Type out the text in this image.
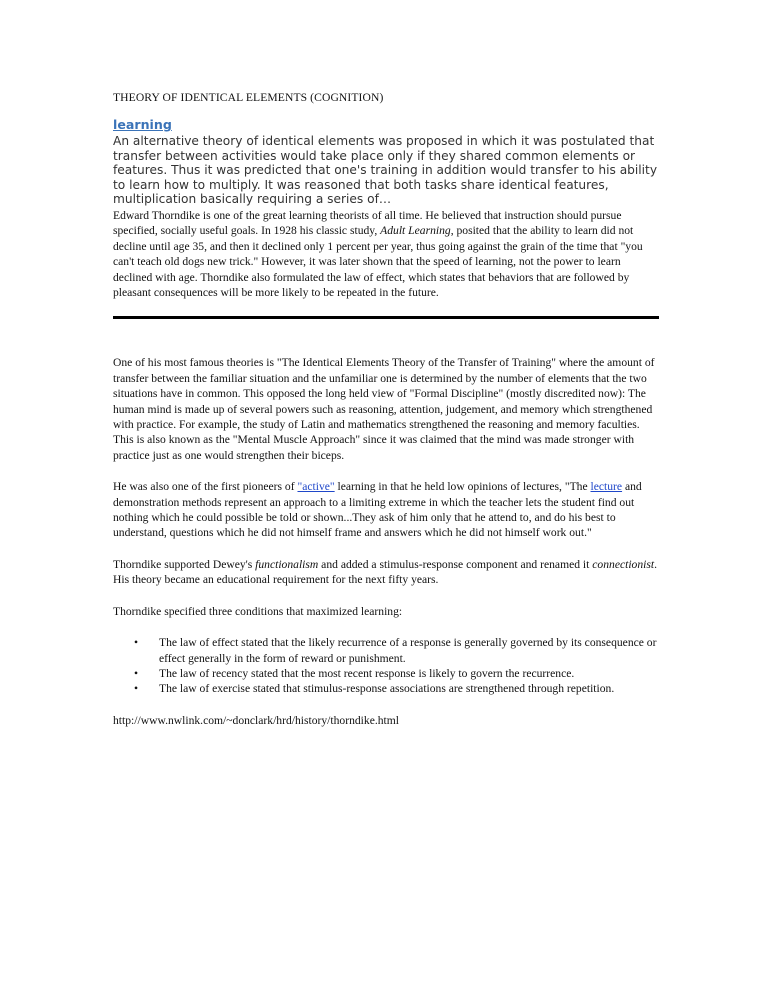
THEORY OF IDENTICAL ELEMENTS (COGNITION)
learning
An alternative theory of identical elements was proposed in which it was postulated that transfer between activities would take place only if they shared common elements or features. Thus it was predicted that one's training in addition would transfer to his ability to learn how to multiply. It was reasoned that both tasks share identical features, multiplication basically requiring a series of…

Edward Thorndike is one of the great learning theorists of all time. He believed that instruction should pursue specified, socially useful goals. In 1928 his classic study, Adult Learning, posited that the ability to learn did not decline until age 35, and then it declined only 1 percent per year, thus going against the grain of the time that "you can't teach old dogs new trick." However, it was later shown that the speed of learning, not the power to learn declined with age. Thorndike also formulated the law of effect, which states that behaviors that are followed by pleasant consequences will be more likely to be repeated in the future.

One of his most famous theories is "The Identical Elements Theory of the Transfer of Training" where the amount of transfer between the familiar situation and the unfamiliar one is determined by the number of elements that the two situations have in common. This opposed the long held view of "Formal Discipline" (mostly discredited now): The human mind is made up of several powers such as reasoning, attention, judgement, and memory which strengthened with practice. For example, the study of Latin and mathematics strengthened the reasoning and memory faculties. This is also known as the "Mental Muscle Approach" since it was claimed that the mind was made stronger with practice just as one would strengthen their biceps.

He was also one of the first pioneers of "active" learning in that he held low opinions of lectures, "The lecture and demonstration methods represent an approach to a limiting extreme in which the teacher lets the student find out nothing which he could possible be told or shown...They ask of him only that he attend to, and do his best to understand, questions which he did not himself frame and answers which he did not himself work out."

Thorndike supported Dewey's functionalism and added a stimulus-response component and renamed it connectionist. His theory became an educational requirement for the next fifty years.

Thorndike specified three conditions that maximized learning:

• The law of effect stated that the likely recurrence of a response is generally governed by its consequence or effect generally in the form of reward or punishment.
• The law of recency stated that the most recent response is likely to govern the recurrence.
• The law of exercise stated that stimulus-response associations are strengthened through repetition.

http://www.nwlink.com/~donclark/hrd/history/thorndike.html
